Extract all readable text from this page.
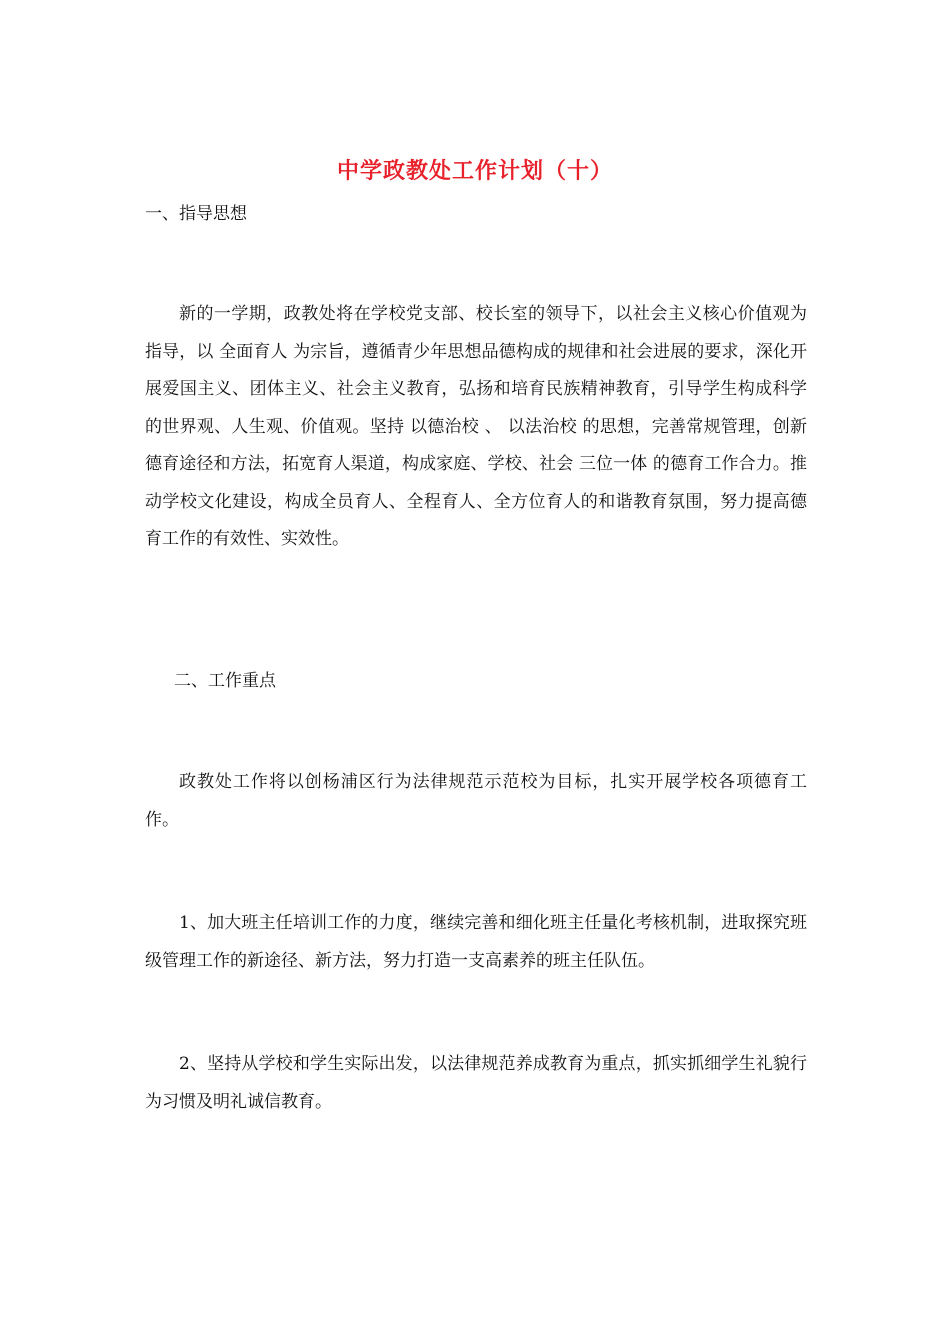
中学政教处工作计划（十）

一、指导思想

新的一学期，政教处将在学校党支部、校长室的领导下，以社会主义核心价值观为指导，以 全面育人 为宗旨，遵循青少年思想品德构成的规律和社会进展的要求，深化开展爱国主义、团体主义、社会主义教育，弘扬和培育民族精神教育，引导学生构成科学的世界观、人生观、价值观。坚持 以德治校 、 以法治校 的思想，完善常规管理，创新德育途径和方法，拓宽育人渠道，构成家庭、学校、社会 三位一体 的德育工作合力。推动学校文化建设，构成全员育人、全程育人、全方位育人的和谐教育氛围，努力提高德育工作的有效性、实效性。

二、工作重点

政教处工作将以创杨浦区行为法律规范示范校为目标，扎实开展学校各项德育工作。

1、加大班主任培训工作的力度，继续完善和细化班主任量化考核机制，进取探究班级管理工作的新途径、新方法，努力打造一支高素养的班主任队伍。

2、坚持从学校和学生实际出发，以法律规范养成教育为重点，抓实抓细学生礼貌行为习惯及明礼诚信教育。
